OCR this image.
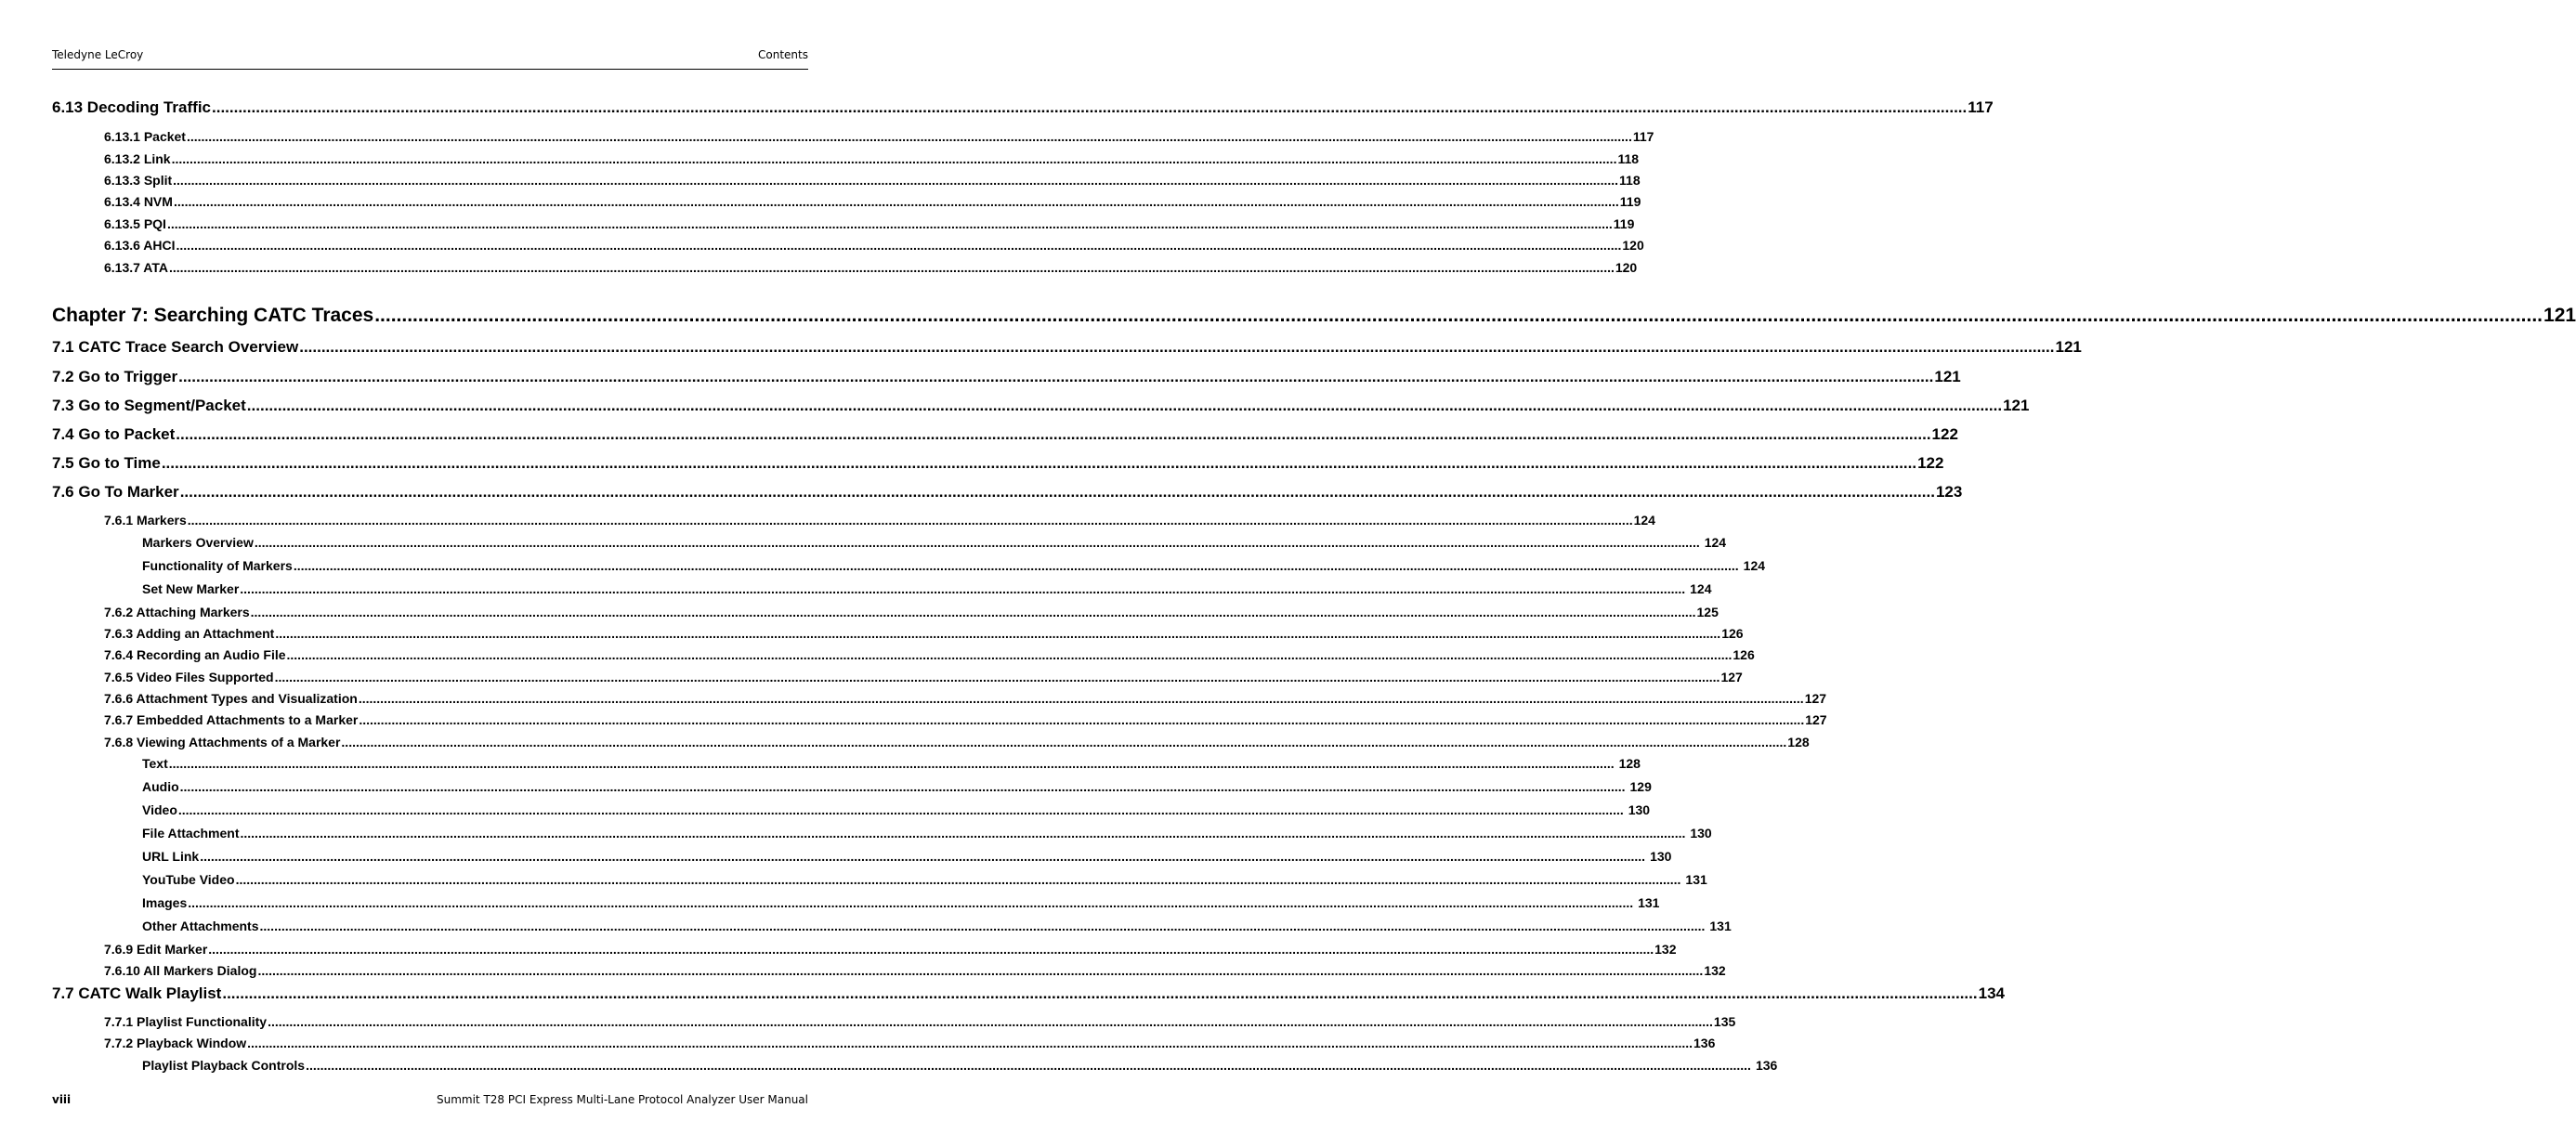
Teledyne LeCroy	Contents
6.13 Decoding Traffic ................................................................................................................................................................................................................................................................................................................................................................................................................ 117
6.13.1 Packet ................................................................................................................................................................................................................................................................................................................................................................................................................ 117
6.13.2 Link ................................................................................................................................................................................................................................................................................................................................................................................................................ 118
6.13.3 Split ................................................................................................................................................................................................................................................................................................................................................................................................................ 118
6.13.4 NVM ................................................................................................................................................................................................................................................................................................................................................................................................................ 119
6.13.5 PQI ................................................................................................................................................................................................................................................................................................................................................................................................................ 119
6.13.6 AHCI ................................................................................................................................................................................................................................................................................................................................................................................................................ 120
6.13.7 ATA ................................................................................................................................................................................................................................................................................................................................................................................................................ 120
Chapter 7: Searching CATC Traces ................................................................................................................................................................................................................................................................................................................................................................................................................ 121
7.1 CATC Trace Search Overview ................................................................................................................................................................................................................................................................................................................................................................................................................ 121
7.2 Go to Trigger ................................................................................................................................................................................................................................................................................................................................................................................................................ 121
7.3 Go to Segment/Packet ................................................................................................................................................................................................................................................................................................................................................................................................................ 121
7.4 Go to Packet ................................................................................................................................................................................................................................................................................................................................................................................................................ 122
7.5 Go to Time ................................................................................................................................................................................................................................................................................................................................................................................................................ 122
7.6 Go To Marker ................................................................................................................................................................................................................................................................................................................................................................................................................ 123
7.6.1 Markers ................................................................................................................................................................................................................................................................................................................................................................................................................ 124
Markers Overview ................................................................................................................................................................................................................................................................................................................................................................................................................ 124
Functionality of Markers ................................................................................................................................................................................................................................................................................................................................................................................................................ 124
Set New Marker ................................................................................................................................................................................................................................................................................................................................................................................................................ 124
7.6.2 Attaching Markers ................................................................................................................................................................................................................................................................................................................................................................................................................ 125
7.6.3 Adding an Attachment ................................................................................................................................................................................................................................................................................................................................................................................................................ 126
7.6.4 Recording an Audio File ................................................................................................................................................................................................................................................................................................................................................................................................................ 126
7.6.5 Video Files Supported ................................................................................................................................................................................................................................................................................................................................................................................................................ 127
7.6.6 Attachment Types and Visualization ................................................................................................................................................................................................................................................................................................................................................................................................................ 127
7.6.7 Embedded Attachments to a Marker ................................................................................................................................................................................................................................................................................................................................................................................................................ 127
7.6.8 Viewing Attachments of a Marker ................................................................................................................................................................................................................................................................................................................................................................................................................ 128
Text ................................................................................................................................................................................................................................................................................................................................................................................................................ 128
Audio ................................................................................................................................................................................................................................................................................................................................................................................................................ 129
Video ................................................................................................................................................................................................................................................................................................................................................................................................................ 130
File Attachment ................................................................................................................................................................................................................................................................................................................................................................................................................ 130
URL Link ................................................................................................................................................................................................................................................................................................................................................................................................................ 130
YouTube Video ................................................................................................................................................................................................................................................................................................................................................................................................................ 131
Images ................................................................................................................................................................................................................................................................................................................................................................................................................ 131
Other Attachments ................................................................................................................................................................................................................................................................................................................................................................................................................ 131
7.6.9 Edit Marker ................................................................................................................................................................................................................................................................................................................................................................................................................ 132
7.6.10 All Markers Dialog ................................................................................................................................................................................................................................................................................................................................................................................................................ 132
7.7 CATC Walk Playlist ................................................................................................................................................................................................................................................................................................................................................................................................................ 134
7.7.1 Playlist Functionality ................................................................................................................................................................................................................................................................................................................................................................................................................ 135
7.7.2 Playback Window ................................................................................................................................................................................................................................................................................................................................................................................................................ 136
Playlist Playback Controls ................................................................................................................................................................................................................................................................................................................................................................................................................ 136
viii	Summit T28 PCI Express Multi-Lane Protocol Analyzer User Manual
